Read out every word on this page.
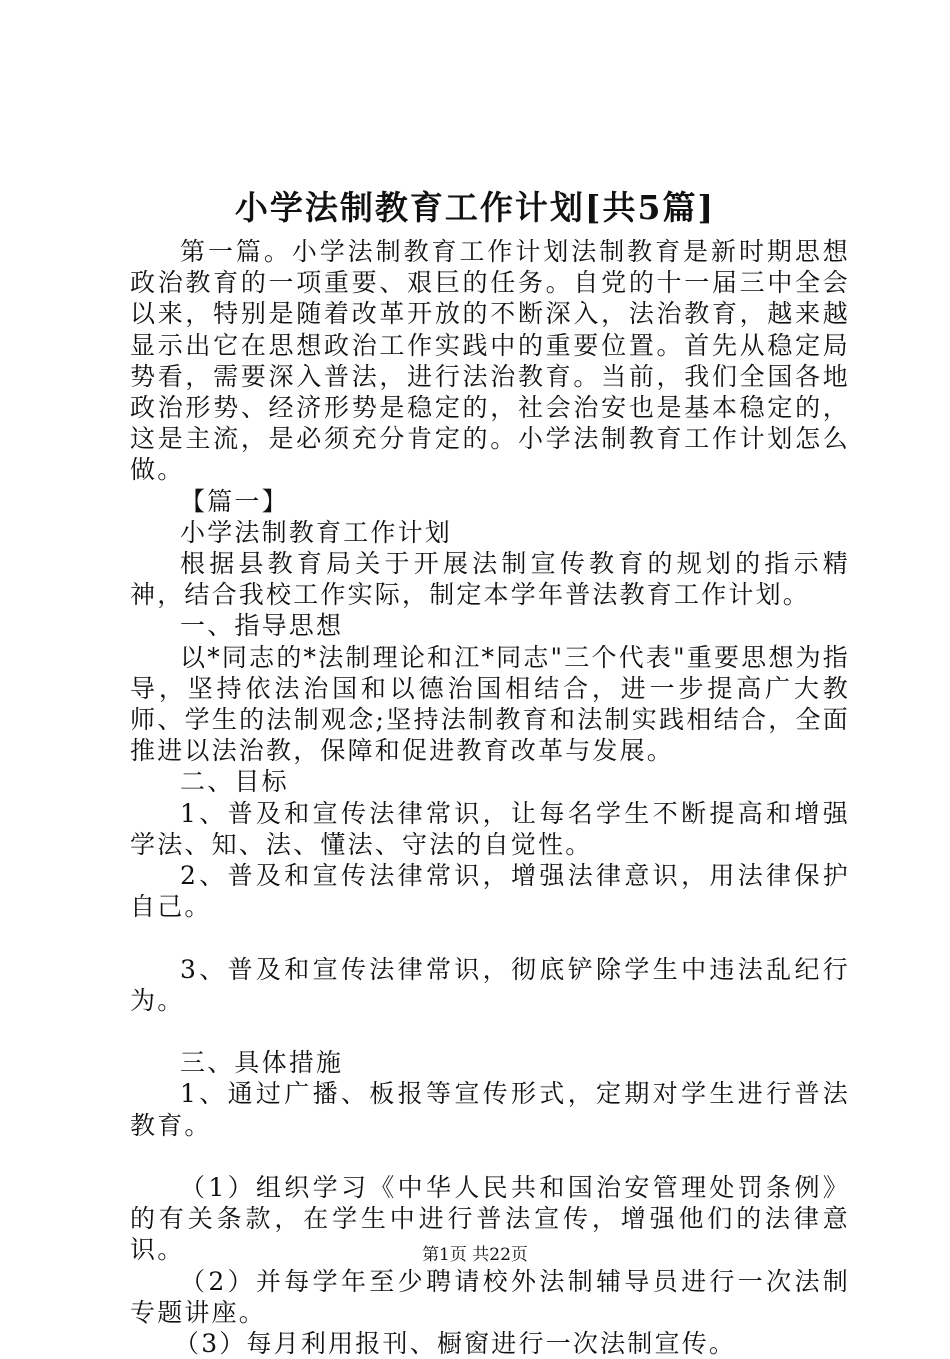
小学法制教育工作计划[共5篇]

第一篇。小学法制教育工作计划法制教育是新时期思想政治教育的一项重要、艰巨的任务。自党的十一届三中全会以来，特别是随着改革开放的不断深入，法治教育，越来越显示出它在思想政治工作实践中的重要位置。首先从稳定局势看，需要深入普法，进行法治教育。当前，我们全国各地政治形势、经济形势是稳定的，社会治安也是基本稳定的，这是主流，是必须充分肯定的。小学法制教育工作计划怎么做。

【篇一】

小学法制教育工作计划

根据县教育局关于开展法制宣传教育的规划的指示精神，结合我校工作实际，制定本学年普法教育工作计划。

一、指导思想

以*同志的*法制理论和江*同志"三个代表"重要思想为指导，坚持依法治国和以德治国相结合，进一步提高广大教师、学生的法制观念;坚持法制教育和法制实践相结合，全面推进以法治教，保障和促进教育改革与发展。

二、目标

1、普及和宣传法律常识，让每名学生不断提高和增强学法、知、法、懂法、守法的自觉性。

2、普及和宣传法律常识，增强法律意识，用法律保护自己。

3、普及和宣传法律常识，彻底铲除学生中违法乱纪行为。

三、具体措施

1、通过广播、板报等宣传形式，定期对学生进行普法教育。

（1）组织学习《中华人民共和国治安管理处罚条例》的有关条款，在学生中进行普法宣传，增强他们的法律意识。

（2）并每学年至少聘请校外法制辅导员进行一次法制专题讲座。

（3）每月利用报刊、橱窗进行一次法制宣传。

第1页 共22页
